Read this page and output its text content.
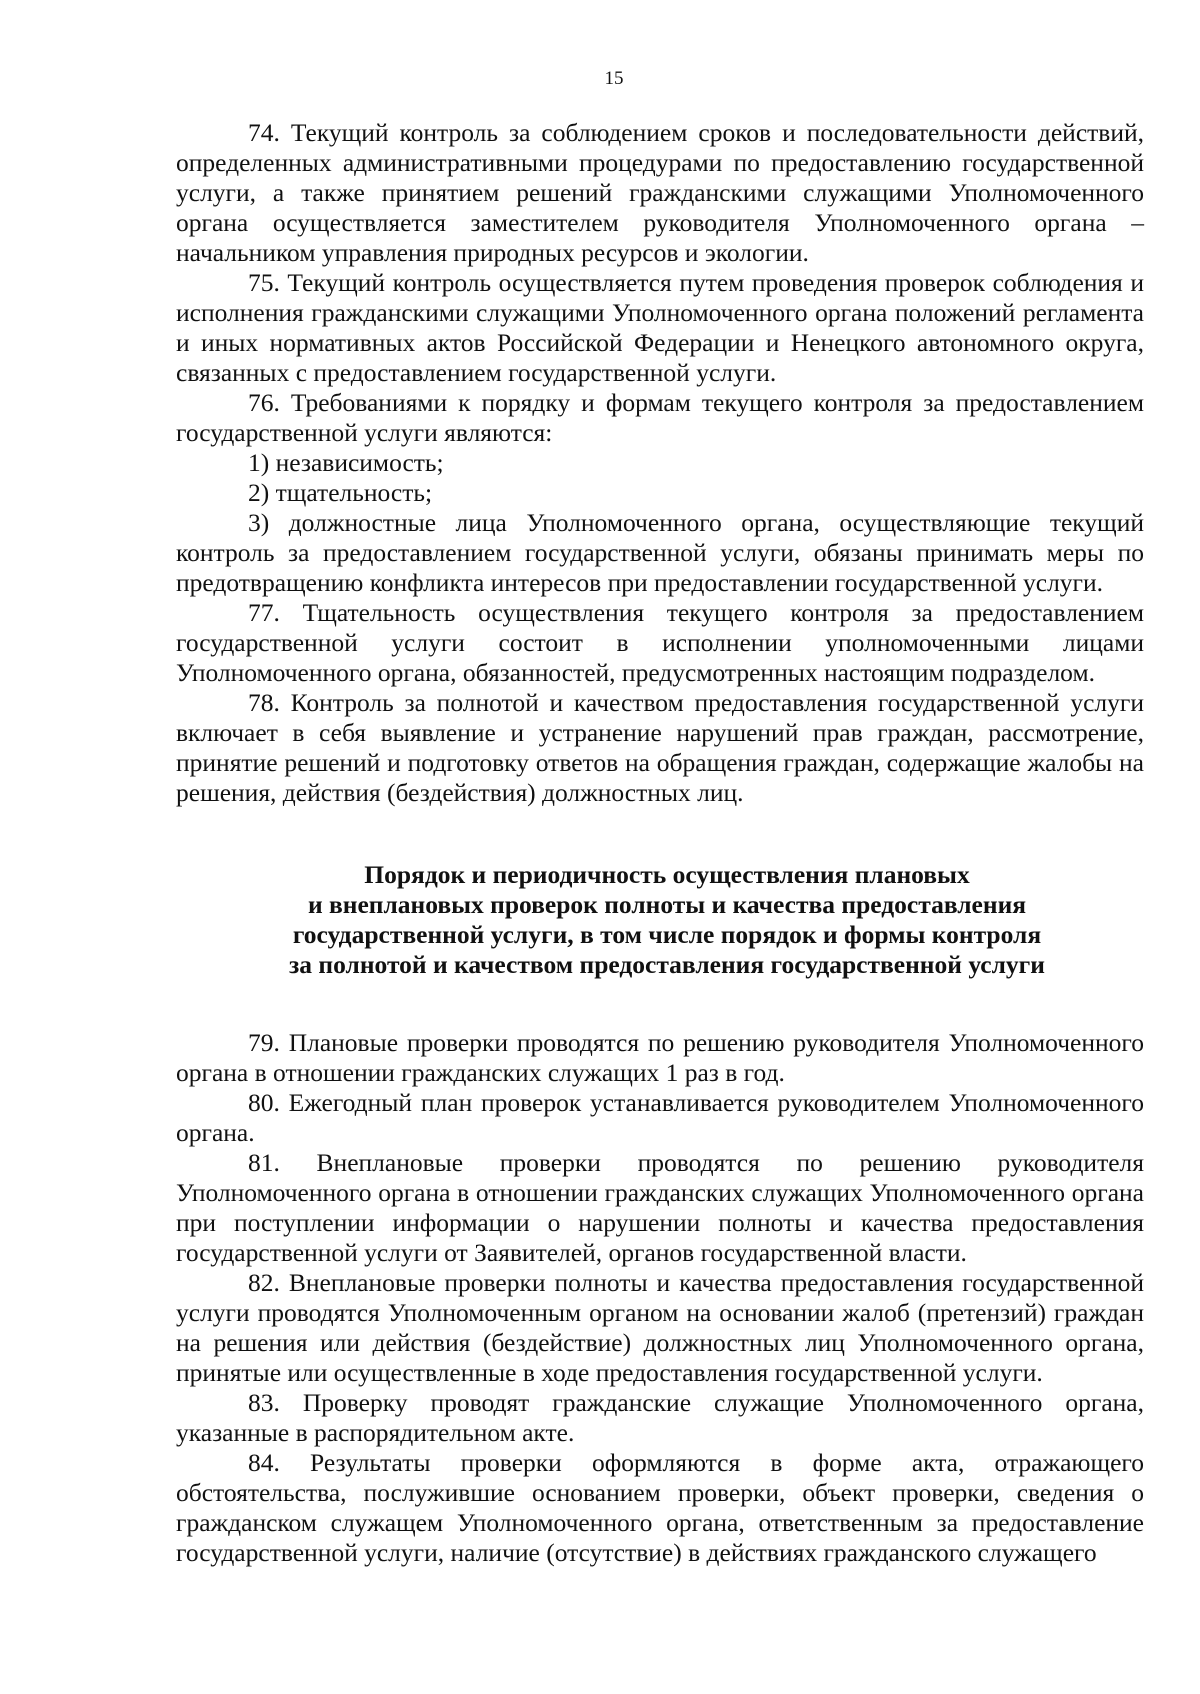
15

74. Текущий контроль за соблюдением сроков и последовательности действий, определенных административными процедурами по предоставлению государственной услуги, а также принятием решений гражданскими служащими Уполномоченного органа осуществляется заместителем руководителя Уполномоченного органа – начальником управления природных ресурсов и экологии.

75. Текущий контроль осуществляется путем проведения проверок соблюдения и исполнения гражданскими служащими Уполномоченного органа положений регламента и иных нормативных актов Российской Федерации и Ненецкого автономного округа, связанных с предоставлением государственной услуги.

76. Требованиями к порядку и формам текущего контроля за предоставлением государственной услуги являются:

1) независимость;

2) тщательность;

3) должностные лица Уполномоченного органа, осуществляющие текущий контроль за предоставлением государственной услуги, обязаны принимать меры по предотвращению конфликта интересов при предоставлении государственной услуги.

77. Тщательность осуществления текущего контроля за предоставлением государственной услуги состоит в исполнении уполномоченными лицами Уполномоченного органа, обязанностей, предусмотренных настоящим подразделом.

78. Контроль за полнотой и качеством предоставления государственной услуги включает в себя выявление и устранение нарушений прав граждан, рассмотрение, принятие решений и подготовку ответов на обращения граждан, содержащие жалобы на решения, действия (бездействия) должностных лиц.

Порядок и периодичность осуществления плановых
и внеплановых проверок полноты и качества предоставления
государственной услуги, в том числе порядок и формы контроля
за полнотой и качеством предоставления государственной услуги

79. Плановые проверки проводятся по решению руководителя Уполномоченного органа в отношении гражданских служащих 1 раз в год.

80. Ежегодный план проверок устанавливается руководителем Уполномоченного органа.

81. Внеплановые проверки проводятся по решению руководителя Уполномоченного органа в отношении гражданских служащих Уполномоченного органа при поступлении информации о нарушении полноты и качества предоставления государственной услуги от Заявителей, органов государственной власти.

82. Внеплановые проверки полноты и качества предоставления государственной услуги проводятся Уполномоченным органом на основании жалоб (претензий) граждан на решения или действия (бездействие) должностных лиц Уполномоченного органа, принятые или осуществленные в ходе предоставления государственной услуги.

83. Проверку проводят гражданские служащие Уполномоченного органа, указанные в распорядительном акте.

84. Результаты проверки оформляются в форме акта, отражающего обстоятельства, послужившие основанием проверки, объект проверки, сведения о гражданском служащем Уполномоченного органа, ответственным за предоставление государственной услуги, наличие (отсутствие) в действиях гражданского служащего
